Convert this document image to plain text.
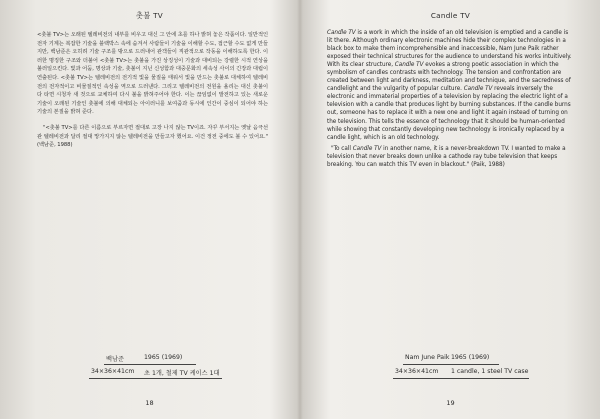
촛불 TV

<촛불 TV>는 오래된 텔레비전의 내부를 비우고 대신 그 안에 초를 하나 밝혀 놓은 작품이다. 일반적인 전자 기계는 복잡한 기술을 블랙박스 속에 숨겨서 사람들이 기술을 이해할 수도, 접근할 수도 없게 만들지만, 백남준은 오히려 기술 구조를 밖으로 드러내어 관객들이 직관적으로 작동을 이해하도록 한다. 이러한 명징한 구조와 더불어 <촛불 TV>는 촛불을 가진 상징성이 기술과 대비되는 강렬한 시적 연상을 불러일으킨다. 빛과 어둠, 명상과 기술, 촛불이 지닌 신성함과 대중문화의 세속성 사이의 긴장과 대립이 연출된다. <촛불 TV>는 텔레비전의 전기적 빛을 물질을 태워서 빛을 만드는 촛불로 대체하여 텔레비전의 전자적이고 비물질적인 속성을 역으로 드러낸다. 그리고 텔레비전의 전원을 올리는 대신 촛불이 다 타면 시청자 새 것으로 교체하여 다시 불을 밝혀주어야 한다. 이는 끊임없이 발전하고 있는 새로운 기술이 오래된 기술인 촛불에 의해 대체되는 아이러니를 보여줌과 동시에 인간이 중심이 되어야 하는 기술의 본질을 밝혀 준다.

"<촛불 TV>를 다른 이름으로 부르자면 절대로 고장 나지 않는 TV이죠. 자꾸 부서지는 옛날 음극선관 텔레비전과 달리 절대 망가지지 않는 텔레비전을 만들고자 했어요. 이건 정전 중에도 볼 수 있어요." (백남준, 1988)

백남준	1965 (1969)
34×36×41cm 초 1개, 철제 TV 케이스 1대
18
Candle TV

Candle TV is a work in which the inside of an old television is emptied and a candle is lit there. Although ordinary electronic machines hide their complex technologies in a black box to make them incomprehensible and inaccessible, Nam June Paik rather exposed their technical structures for the audience to understand his works intuitively. With its clear structure, Candle TV evokes a strong poetic association in which the symbolism of candles contrasts with technology. The tension and confrontation are created between light and darkness, meditation and technique, and the sacredness of candlelight and the vulgarity of popular culture. Candle TV reveals inversely the electronic and immaterial properties of a television by replacing the electric light of a television with a candle that produces light by burning substances. If the candle burns out, someone has to replace it with a new one and light it again instead of turning on the television. This tells the essence of technology that it should be human-oriented while showing that constantly developing new technology is ironically replaced by a candle light, which is an old technology.

"To call Candle TV in another name, it is a never-breakdown TV. I wanted to make a television that never breaks down unlike a cathode ray tube television that keeps breaking. You can watch this TV even in blackout." (Paik, 1988)

Nam June Paik 1965 (1969)
34×36×41cm 1 candle, 1 steel TV case
19
